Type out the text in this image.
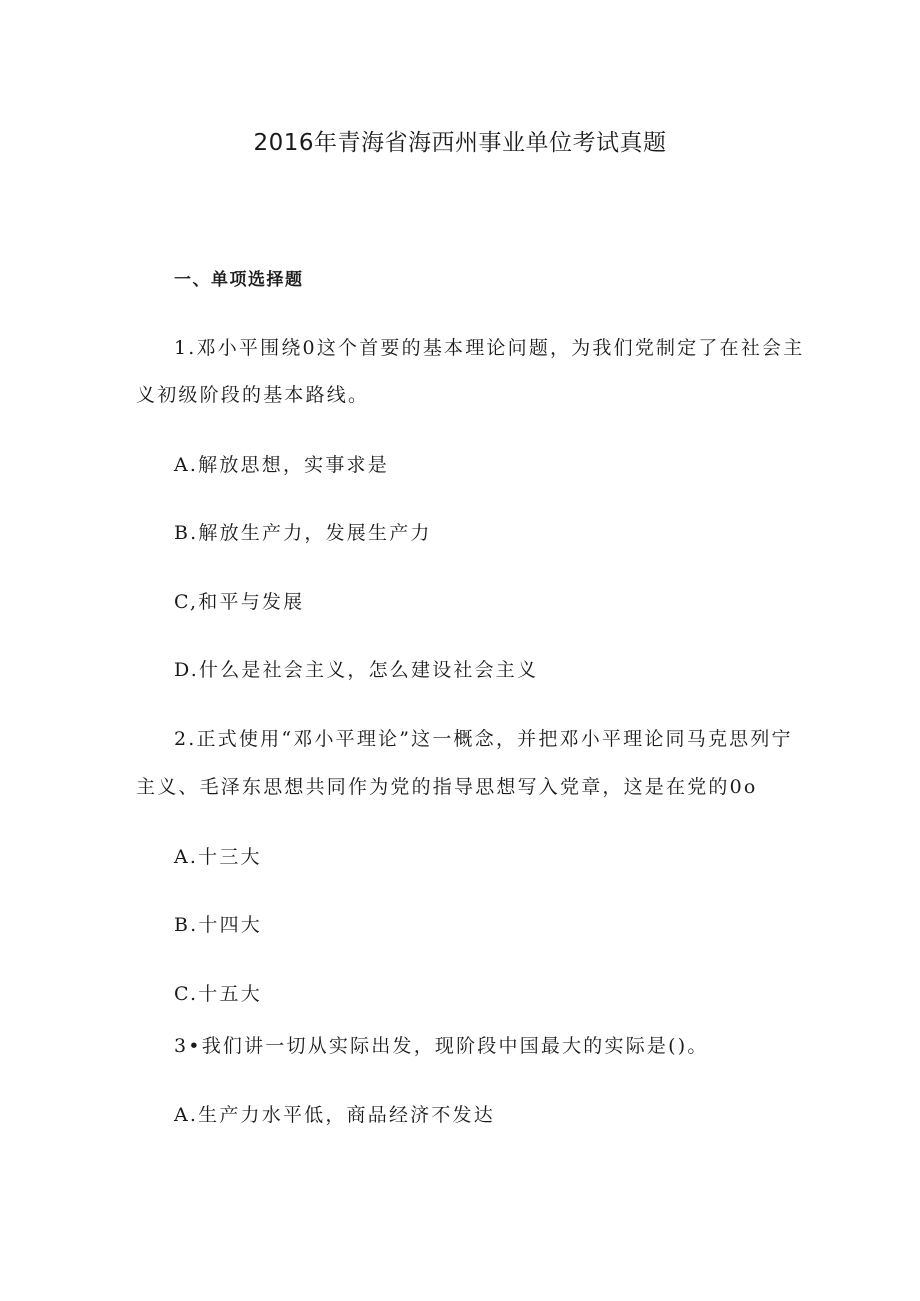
2016年青海省海西州事业单位考试真题
一、单项选择题
1.邓小平围绕0这个首要的基本理论问题，为我们党制定了在社会主
义初级阶段的基本路线。
A.解放思想，实事求是
B.解放生产力，发展生产力
C,和平与发展
D.什么是社会主义，怎么建设社会主义
2.正式使用“邓小平理论”这一概念，并把邓小平理论同马克思列宁
主义、毛泽东思想共同作为党的指导思想写入党章，这是在党的0o
A.十三大
B.十四大
C.十五大
3•我们讲一切从实际出发，现阶段中国最大的实际是()。
A.生产力水平低，商品经济不发达
